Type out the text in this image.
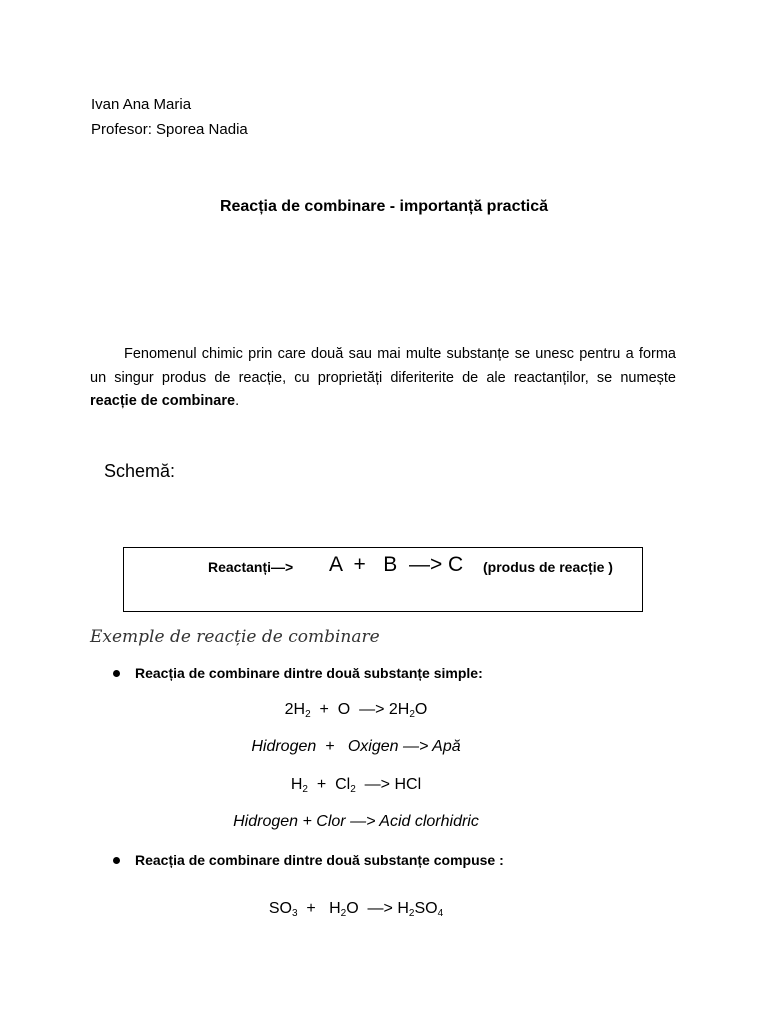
Ivan Ana Maria
Profesor: Sporea Nadia
Reacția de combinare - importanță practică

Fenomenul chimic prin care două sau mai multe substanțe se unesc pentru a forma un singur produs de reacție, cu proprietăți diferiterite de ale reactanților, se numește reacție de combinare.

Schemă:
Reactanți—> A  +   B  —> C (produs de reacție )
Exemple de reacție de combinare
Reacția de combinare dintre două substanțe simple:
$2H_2 + O$  —> $2H_2O$
Hidrogen  +   Oxigen —> Apă
$H_2 + Cl_2$  —> HCl
Hidrogen + Clor —> Acid clorhidric
Reacția de combinare dintre două substanțe compuse :
$SO_3 + H_2O$  —> $H_2SO_4$
